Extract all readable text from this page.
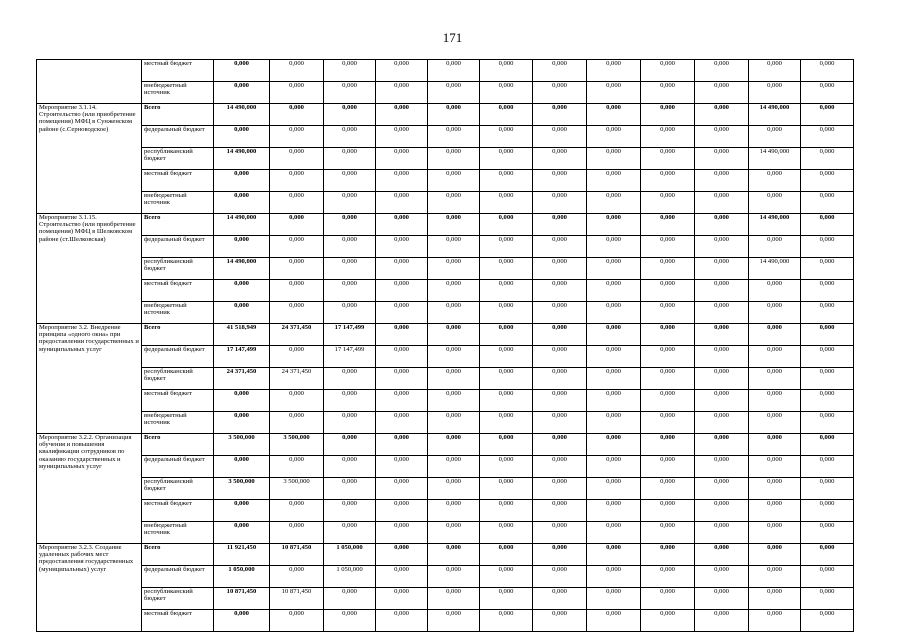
171
	местный бюджет	0,000	0,000	0,000	0,000	0,000	0,000	0,000	0,000	0,000	0,000	0,000	0,000
	внебюджетный источник	0,000	0,000	0,000	0,000	0,000	0,000	0,000	0,000	0,000	0,000	0,000	0,000
Мероприятие 3.1.14. Строительство (или приобретение помещения) МФЦ в Сунженском районе (с.Серноводское)	Всего	14 490,000	0,000	0,000	0,000	0,000	0,000	0,000	0,000	0,000	0,000	14 490,000	0,000
	федеральный бюджет	0,000	0,000	0,000	0,000	0,000	0,000	0,000	0,000	0,000	0,000	0,000	0,000
	республиканский бюджет	14 490,000	0,000	0,000	0,000	0,000	0,000	0,000	0,000	0,000	0,000	14 490,000	0,000
	местный бюджет	0,000	0,000	0,000	0,000	0,000	0,000	0,000	0,000	0,000	0,000	0,000	0,000
	внебюджетный источник	0,000	0,000	0,000	0,000	0,000	0,000	0,000	0,000	0,000	0,000	0,000	0,000
Мероприятие 3.1.15. Строительство (или приобретение помещения) МФЦ в Шелковском районе (ст.Шелковская)	Всего	14 490,000	0,000	0,000	0,000	0,000	0,000	0,000	0,000	0,000	0,000	14 490,000	0,000
	федеральный бюджет	0,000	0,000	0,000	0,000	0,000	0,000	0,000	0,000	0,000	0,000	0,000	0,000
	республиканский бюджет	14 490,000	0,000	0,000	0,000	0,000	0,000	0,000	0,000	0,000	0,000	14 490,000	0,000
	местный бюджет	0,000	0,000	0,000	0,000	0,000	0,000	0,000	0,000	0,000	0,000	0,000	0,000
	внебюджетный источник	0,000	0,000	0,000	0,000	0,000	0,000	0,000	0,000	0,000	0,000	0,000	0,000
Мероприятие 3.2. Внедрение принципа «одного окна» при предоставлении государственных и муниципальных услуг	Всего	41 518,949	24 371,450	17 147,499	0,000	0,000	0,000	0,000	0,000	0,000	0,000	0,000	0,000
	федеральный бюджет	17 147,499	0,000	17 147,499	0,000	0,000	0,000	0,000	0,000	0,000	0,000	0,000	0,000
	республиканский бюджет	24 371,450	24 371,450	0,000	0,000	0,000	0,000	0,000	0,000	0,000	0,000	0,000	0,000
	местный бюджет	0,000	0,000	0,000	0,000	0,000	0,000	0,000	0,000	0,000	0,000	0,000	0,000
	внебюджетный источник	0,000	0,000	0,000	0,000	0,000	0,000	0,000	0,000	0,000	0,000	0,000	0,000
Мероприятие 3.2.2. Организация обучения и повышения квалификации сотрудников по оказанию государственных и муниципальных услуг	Всего	3 500,000	3 500,000	0,000	0,000	0,000	0,000	0,000	0,000	0,000	0,000	0,000	0,000
	федеральный бюджет	0,000	0,000	0,000	0,000	0,000	0,000	0,000	0,000	0,000	0,000	0,000	0,000
	республиканский бюджет	3 500,000	3 500,000	0,000	0,000	0,000	0,000	0,000	0,000	0,000	0,000	0,000	0,000
	местный бюджет	0,000	0,000	0,000	0,000	0,000	0,000	0,000	0,000	0,000	0,000	0,000	0,000
	внебюджетный источник	0,000	0,000	0,000	0,000	0,000	0,000	0,000	0,000	0,000	0,000	0,000	0,000
Мероприятие 3.2.3. Создание удаленных рабочих мест предоставления государственных (муниципальных) услуг	Всего	11 921,450	10 871,450	1 050,000	0,000	0,000	0,000	0,000	0,000	0,000	0,000	0,000	0,000
	федеральный бюджет	1 050,000	0,000	1 050,000	0,000	0,000	0,000	0,000	0,000	0,000	0,000	0,000	0,000
	республиканский бюджет	10 871,450	10 871,450	0,000	0,000	0,000	0,000	0,000	0,000	0,000	0,000	0,000	0,000
	местный бюджет	0,000	0,000	0,000	0,000	0,000	0,000	0,000	0,000	0,000	0,000	0,000	0,000
